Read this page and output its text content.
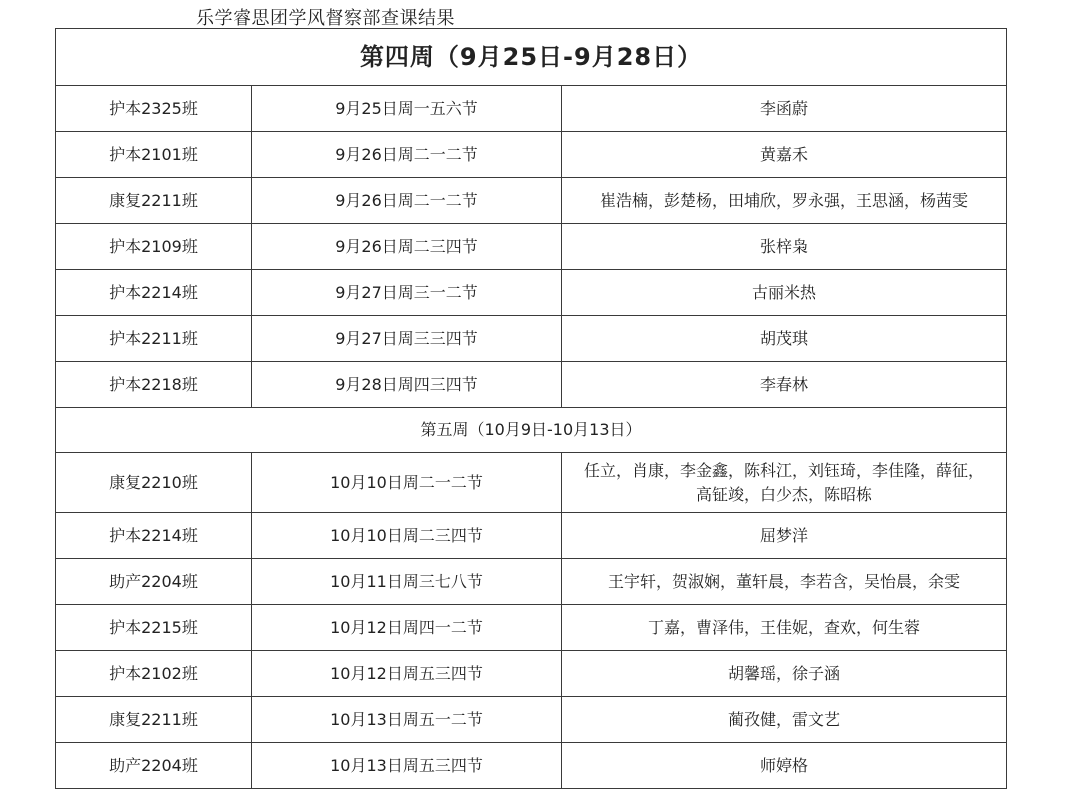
乐学睿思团学风督察部查课结果
第四周（9月25日-9月28日）		
护本2325班	9月25日周一五六节	李函蔚
护本2101班	9月26日周二一二节	黄嘉禾
康复2211班	9月26日周二一二节	崔浩楠，彭楚杨，田埔欣，罗永强，王思涵，杨茜雯
护本2109班	9月26日周二三四节	张梓枭
护本2214班	9月27日周三一二节	古丽米热
护本2211班	9月27日周三三四节	胡茂琪
护本2218班	9月28日周四三四节	李春林
第五周（10月9日-10月13日）		
康复2210班	10月10日周二一二节	任立，肖康，李金鑫，陈科江，刘钰琦，李佳隆，薛征，高钲竣，白少杰，陈昭栋
护本2214班	10月10日周二三四节	屈梦洋
助产2204班	10月11日周三七八节	王宇轩，贺淑娴，董轩晨，李若含，吴怡晨，余雯
护本2215班	10月12日周四一二节	丁嘉，曹泽伟，王佳妮，查欢，何生蓉
护本2102班	10月12日周五三四节	胡馨瑶，徐子涵
康复2211班	10月13日周五一二节	蔺孜健，雷文艺
助产2204班	10月13日周五三四节	师婷格
